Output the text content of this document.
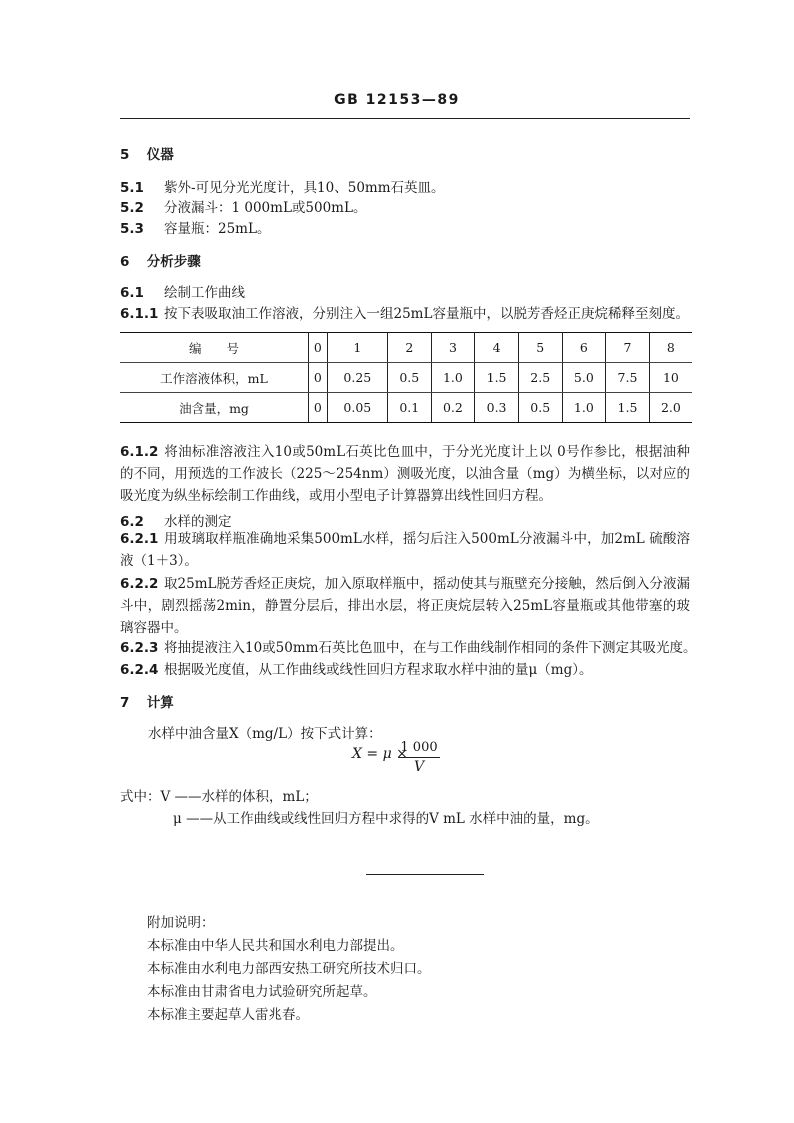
GB 12153—89
5 仪器
5.1 紫外-可见分光光度计，具10、50mm石英皿。
5.2 分液漏斗：1 000mL或500mL。
5.3 容量瓶：25mL。
6 分析步骤
6.1 绘制工作曲线
6.1.1 按下表吸取油工作溶液，分别注入一组25mL容量瓶中，以脱芳香烃正庚烷稀释至刻度。
编　　号	0	1	2	3	4	5	6	7	8
工作溶液体积，mL	0	0.25	0.5	1.0	1.5	2.5	5.0	7.5	10
油含量，mg	0	0.05	0.1	0.2	0.3	0.5	1.0	1.5	2.0
6.1.2 将油标准溶液注入10或50mL石英比色皿中，于分光光度计上以 0号作参比，根据油种的不同，用预选的工作波长（225～254nm）测吸光度，以油含量（mg）为横坐标，以对应的吸光度为纵坐标绘制工作曲线，或用小型电子计算器算出线性回归方程。
6.2 水样的测定
6.2.1 用玻璃取样瓶准确地采集500mL水样，摇匀后注入500mL分液漏斗中，加2mL 硫酸溶液（1＋3）。
6.2.2 取25mL脱芳香烃正庚烷，加入原取样瓶中，摇动使其与瓶壁充分接触，然后倒入分液漏斗中，剧烈摇荡2min，静置分层后，排出水层，将正庚烷层转入25mL容量瓶或其他带塞的玻璃容器中。
6.2.3 将抽提液注入10或50mm石英比色皿中，在与工作曲线制作相同的条件下测定其吸光度。
6.2.4 根据吸光度值，从工作曲线或线性回归方程求取水样中油的量μ（mg）。
7 计算
水样中油含量X（mg/L）按下式计算：
X = μ ×
$\frac{1 000}{V}$
式中：V ——水样的体积，mL；
μ ——从工作曲线或线性回归方程中求得的V mL 水样中油的量，mg。
附加说明：
本标准由中华人民共和国水利电力部提出。
本标准由水利电力部西安热工研究所技术归口。
本标准由甘肃省电力试验研究所起草。
本标准主要起草人雷兆春。
